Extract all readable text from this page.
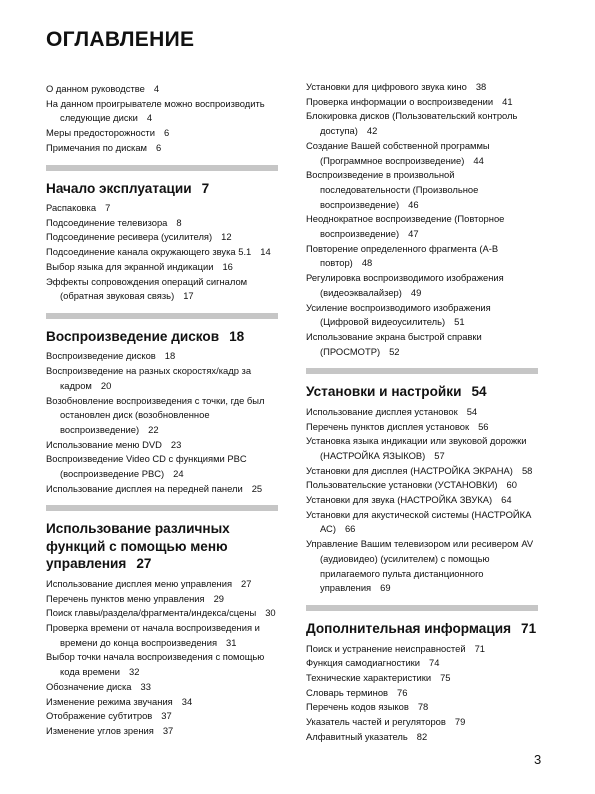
ОГЛАВЛЕНИЕ
О данном руководстве 4
На данном проигрывателе можно воспроизводить следующие диски 4
Меры предосторожности 6
Примечания по дискам 6
Начало эксплуатации 7
Распаковка 7
Подсоединение телевизора 8
Подсоединение ресивера (усилителя) 12
Подсоединение канала окружающего звука 5.1 14
Выбор языка для экранной индикации 16
Эффекты сопровождения операций сигналом (обратная звуковая связь) 17
Воспроизведение дисков 18
Воспроизведение дисков 18
Воспроизведение на разных скоростях/кадр за кадром 20
Возобновление воспроизведения с точки, где был остановлен диск (возобновленное воспроизведение) 22
Использование меню DVD 23
Воспроизведение Video CD с функциями PBC (воспроизведение PBC) 24
Использование дисплея на передней панели 25
Использование различных функций с помощью меню управления 27
Использование дисплея меню управления 27
Перечень пунктов меню управления 29
Поиск главы/раздела/фрагмента/индекса/сцены 30
Проверка времени от начала воспроизведения и времени до конца воспроизведения 31
Выбор точки начала воспроизведения с помощью кода времени 32
Обозначение диска 33
Изменение режима звучания 34
Отображение субтитров 37
Изменение углов зрения 37
Установки для цифрового звука кино 38
Проверка информации о воспроизведении 41
Блокировка дисков (Пользовательский контроль доступа) 42
Создание Вашей собственной программы (Программное воспроизведение) 44
Воспроизведение в произвольной последовательности (Произвольное воспроизведение) 46
Неоднократное воспроизведение (Повторное воспроизведение) 47
Повторение определенного фрагмента (A-B повтор) 48
Регулировка воспроизводимого изображения (видеоэквалайзер) 49
Усиление воспроизводимого изображения (Цифровой видеоусилитель) 51
Использование экрана быстрой справки (ПРОСМОТР) 52
Установки и настройки 54
Использование дисплея установок 54
Перечень пунктов дисплея установок 56
Установка языка индикации или звуковой дорожки (НАСТРОЙКА ЯЗЫКОВ) 57
Установки для дисплея (НАСТРОЙКА ЭКРАНА) 58
Пользовательские установки (УСТАНОВКИ) 60
Установки для звука (НАСТРОЙКА ЗВУКА) 64
Установки для акустической системы (НАСТРОЙКА АС) 66
Управление Вашим телевизором или ресивером AV (аудиовидео) (усилителем) с помощью прилагаемого пульта дистанционного управления 69
Дополнительная информация 71
Поиск и устранение неисправностей 71
Функция самодиагностики 74
Технические характеристики 75
Словарь терминов 76
Перечень кодов языков 78
Указатель частей и регуляторов 79
Алфавитный указатель 82
3
